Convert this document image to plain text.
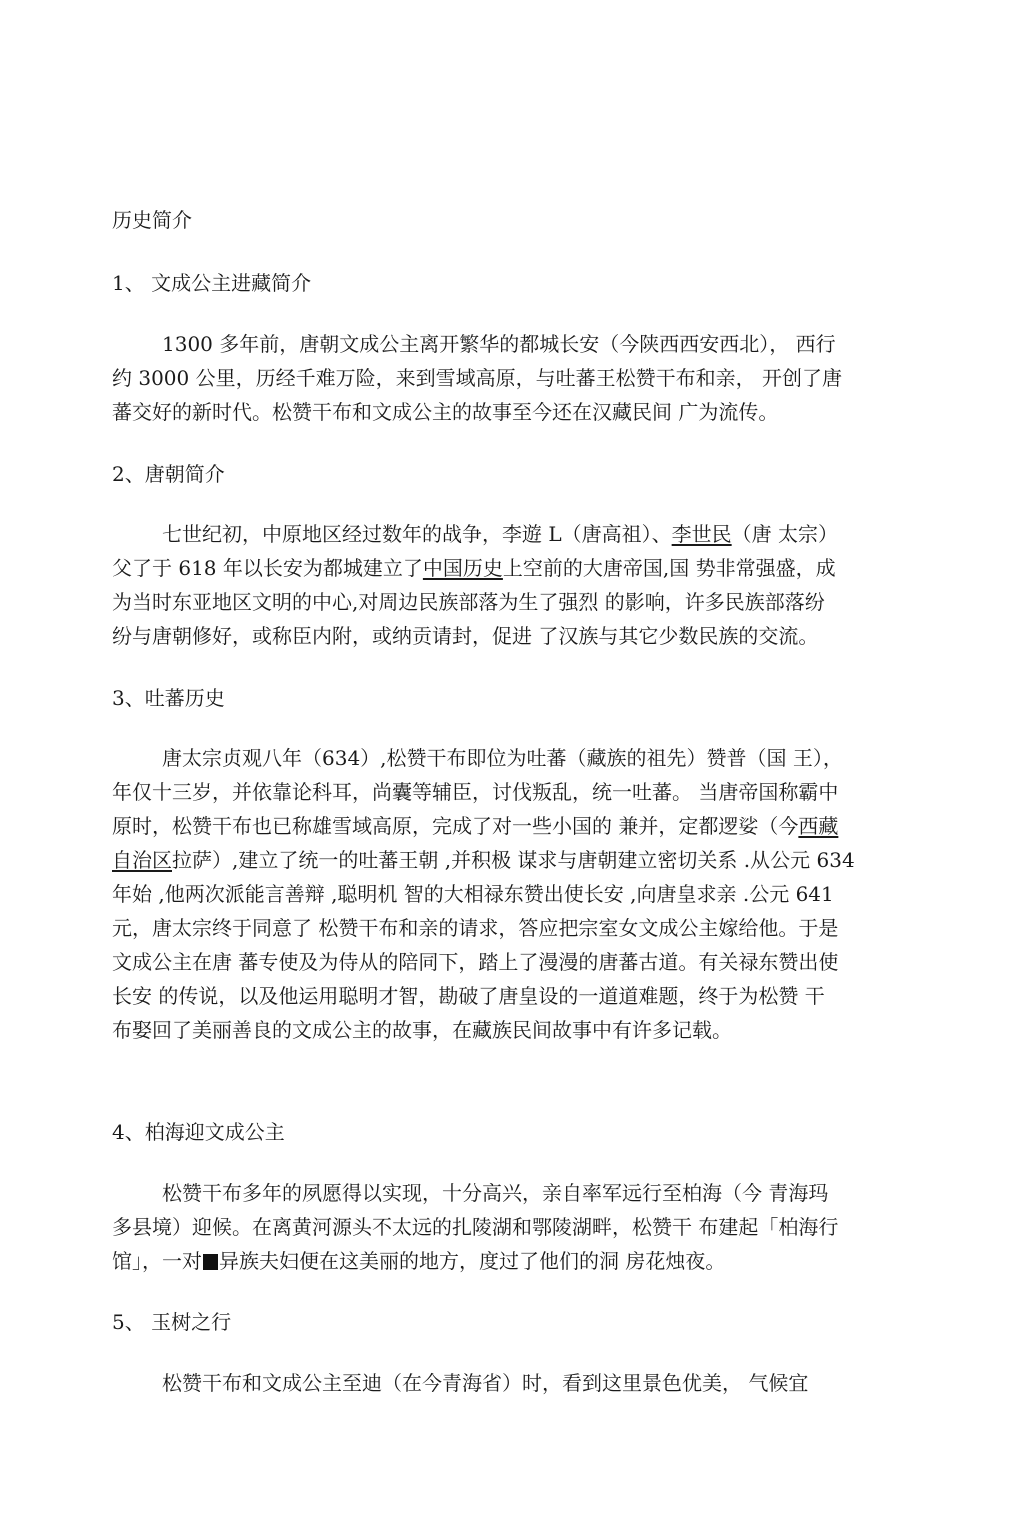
历史简介
1、 文成公主进藏简介
1300 多年前，唐朝文成公主离开繁华的都城长安（今陕西西安西北）， 西行
约 3000 公里，历经千难万险，来到雪域高原，与吐蕃王松赞干布和亲， 开创了唐
蕃交好的新时代。松赞干布和文成公主的故事至今还在汉藏民间 广为流传。
2、唐朝简介
七世纪初，中原地区经过数年的战争，李遊 L（唐高祖）、李世民（唐 太宗）
父了于 618 年以长安为都城建立了中国历史上空前的大唐帝国,国 势非常强盛，成
为当时东亚地区文明的中心,对周边民族部落为生了强烈 的影响，许多民族部落纷
纷与唐朝修好，或称臣内附，或纳贡请封，促进 了汉族与其它少数民族的交流。
3、吐蕃历史
唐太宗贞观八年（634）,松赞干布即位为吐蕃（藏族的祖先）赞普（国 王），
年仅十三岁，并依靠论科耳，尚囊等辅臣，讨伐叛乱，统一吐蕃。 当唐帝国称霸中
原时，松赞干布也已称雄雪域高原，完成了对一些小国的 兼并，定都逻娑（今西藏
自治区拉萨）,建立了统一的吐蕃王朝 ,并积极 谋求与唐朝建立密切关系 .从公元 634
年始 ,他两次派能言善辩 ,聪明机 智的大相禄东赞出使长安 ,向唐皇求亲 .公元 641
元，唐太宗终于同意了 松赞干布和亲的请求，答应把宗室女文成公主嫁给他。于是
文成公主在唐 蕃专使及为侍从的陪同下，踏上了漫漫的唐蕃古道。有关禄东赞出使
长安 的传说，以及他运用聪明才智，勘破了唐皇设的一道道难题，终于为松赞 干
布娶回了美丽善良的文成公主的故事，在藏族民间故事中有许多记载。
4、柏海迎文成公主
松赞干布多年的夙愿得以实现，十分高兴，亲自率军远行至柏海（今 青海玛
多县境）迎候。在离黄河源头不太远的扎陵湖和鄂陵湖畔，松赞干 布建起「柏海行
馆」，一对 异族夫妇便在这美丽的地方，度过了他们的洞 房花烛夜。
5、 玉树之行
松赞干布和文成公主至迪（在今青海省）时，看到这里景色优美， 气候宜
